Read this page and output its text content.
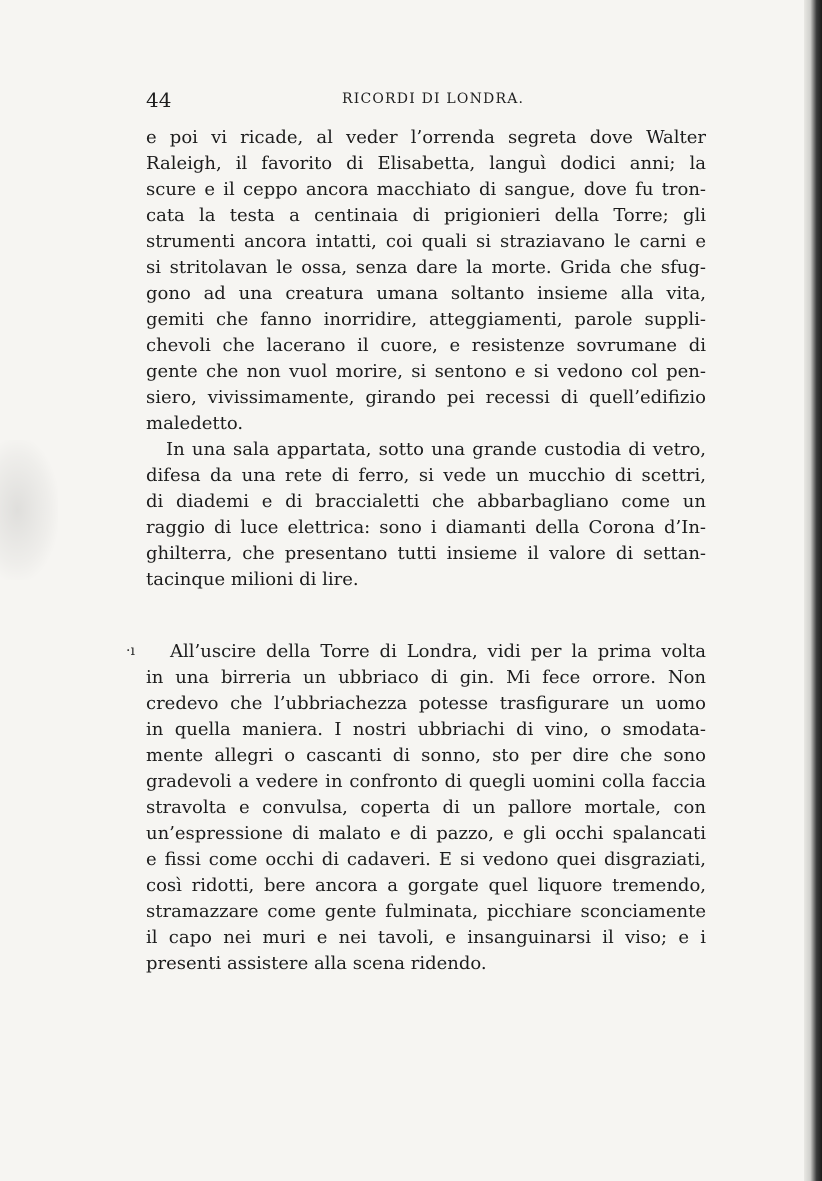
44	RICORDI DI LONDRA.
·ı
e poi vi ricade, al veder l’orrenda segreta dove Walter
Raleigh, il favorito di Elisabetta, languì dodici anni; la
scure e il ceppo ancora macchiato di sangue, dove fu tron-
cata la testa a centinaia di prigionieri della Torre; gli
strumenti ancora intatti, coi quali si straziavano le carni e
si stritolavan le ossa, senza dare la morte. Grida che sfug-
gono ad una creatura umana soltanto insieme alla vita,
gemiti che fanno inorridire, atteggiamenti, parole suppli-
chevoli che lacerano il cuore, e resistenze sovrumane di
gente che non vuol morire, si sentono e si vedono col pen-
siero, vivissimamente, girando pei recessi di quell’edifizio
maledetto.
In una sala appartata, sotto una grande custodia di vetro,
difesa da una rete di ferro, si vede un mucchio di scettri,
di diademi e di braccialetti che abbarbagliano come un
raggio di luce elettrica: sono i diamanti della Corona d’In-
ghilterra, che presentano tutti insieme il valore di settan-
tacinque milioni di lire.
All’uscire della Torre di Londra, vidi per la prima volta
in una birreria un ubbriaco di gin. Mi fece orrore. Non
credevo che l’ubbriachezza potesse trasfigurare un uomo
in quella maniera. I nostri ubbriachi di vino, o smodata-
mente allegri o cascanti di sonno, sto per dire che sono
gradevoli a vedere in confronto di quegli uomini colla faccia
stravolta e convulsa, coperta di un pallore mortale, con
un’espressione di malato e di pazzo, e gli occhi spalancati
e fissi come occhi di cadaveri. E si vedono quei disgraziati,
così ridotti, bere ancora a gorgate quel liquore tremendo,
stramazzare come gente fulminata, picchiare sconciamente
il capo nei muri e nei tavoli, e insanguinarsi il viso; e i
presenti assistere alla scena ridendo.
